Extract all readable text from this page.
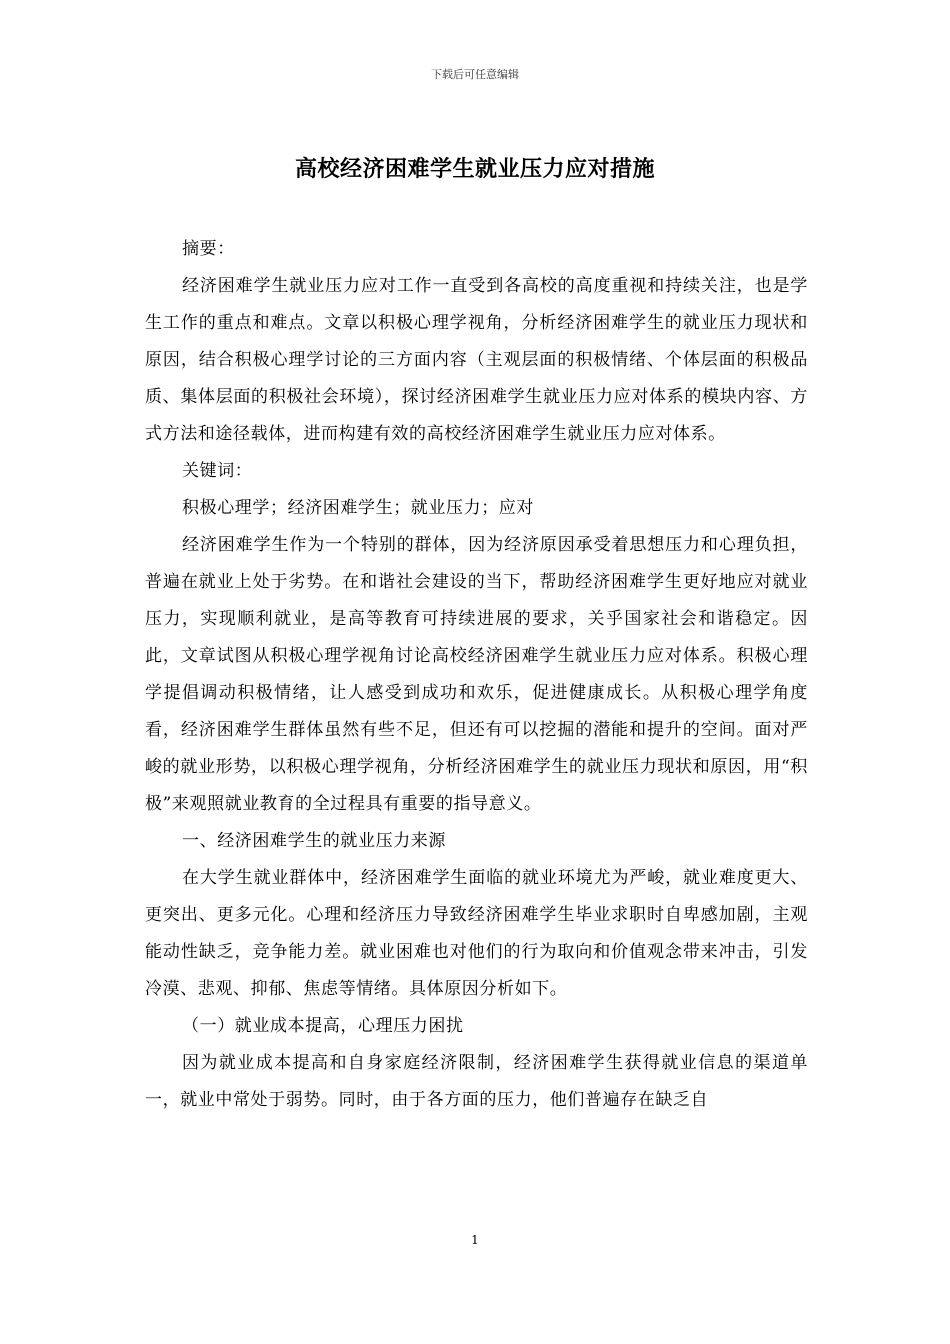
下载后可任意编辑
高校经济困难学生就业压力应对措施

摘要：

经济困难学生就业压力应对工作一直受到各高校的高度重视和持续关注，也是学生工作的重点和难点。文章以积极心理学视角，分析经济困难学生的就业压力现状和原因，结合积极心理学讨论的三方面内容（主观层面的积极情绪、个体层面的积极品质、集体层面的积极社会环境），探讨经济困难学生就业压力应对体系的模块内容、方式方法和途径载体，进而构建有效的高校经济困难学生就业压力应对体系。

关键词：

积极心理学；经济困难学生；就业压力；应对

经济困难学生作为一个特别的群体，因为经济原因承受着思想压力和心理负担，普遍在就业上处于劣势。在和谐社会建设的当下，帮助经济困难学生更好地应对就业压力，实现顺利就业，是高等教育可持续进展的要求，关乎国家社会和谐稳定。因此，文章试图从积极心理学视角讨论高校经济困难学生就业压力应对体系。积极心理学提倡调动积极情绪，让人感受到成功和欢乐，促进健康成长。从积极心理学角度看，经济困难学生群体虽然有些不足，但还有可以挖掘的潜能和提升的空间。面对严峻的就业形势，以积极心理学视角，分析经济困难学生的就业压力现状和原因，用“积极”来观照就业教育的全过程具有重要的指导意义。

一、经济困难学生的就业压力来源

在大学生就业群体中，经济困难学生面临的就业环境尤为严峻，就业难度更大、更突出、更多元化。心理和经济压力导致经济困难学生毕业求职时自卑感加剧，主观能动性缺乏，竞争能力差。就业困难也对他们的行为取向和价值观念带来冲击，引发冷漠、悲观、抑郁、焦虑等情绪。具体原因分析如下。

（一）就业成本提高，心理压力困扰

因为就业成本提高和自身家庭经济限制，经济困难学生获得就业信息的渠道单一，就业中常处于弱势。同时，由于各方面的压力，他们普遍存在缺乏自

1
